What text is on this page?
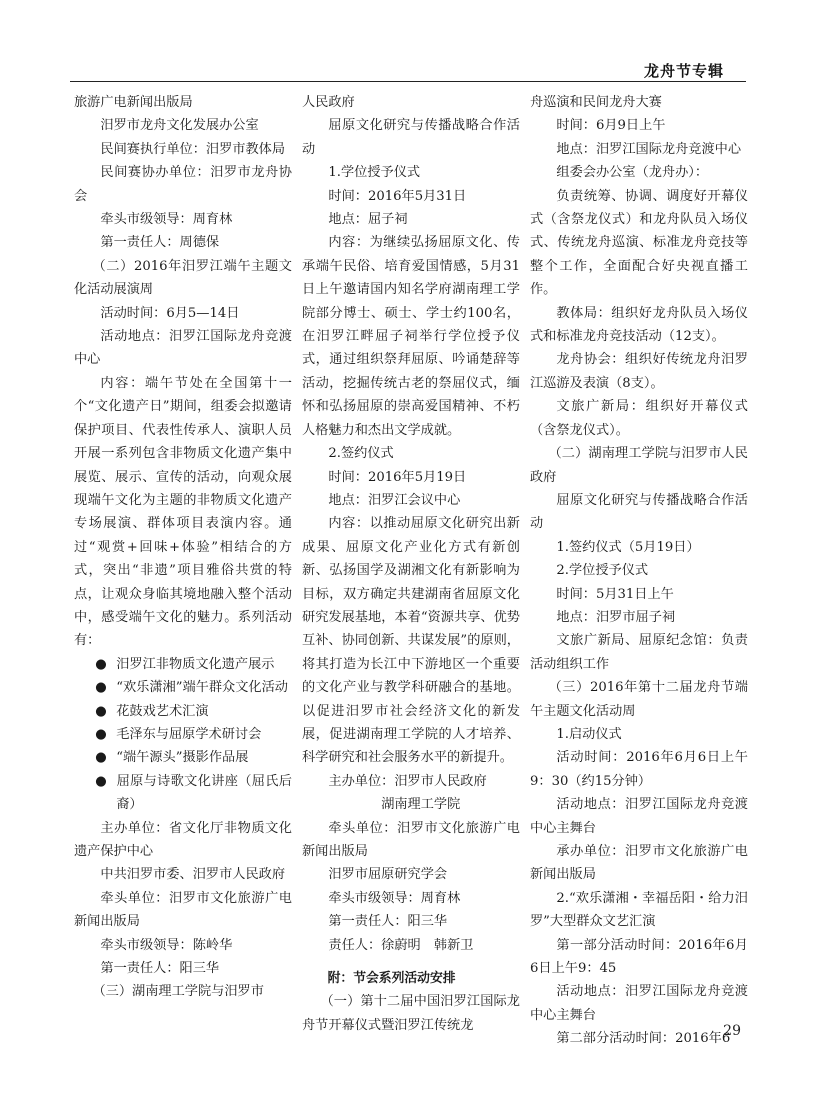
龙舟节专辑

旅游广电新闻出版局

汨罗市龙舟文化发展办公室

民间赛执行单位：汨罗市教体局

民间赛协办单位：汨罗市龙舟协会

牵头市级领导：周育林

第一责任人：周德保

（二）2016年汨罗江端午主题文化活动展演周

活动时间：6月5—14日

活动地点：汨罗江国际龙舟竞渡中心

内容：端午节处在全国第十一个“文化遗产日”期间，组委会拟邀请保护项目、代表性传承人、演职人员开展一系列包含非物质文化遗产集中展览、展示、宣传的活动，向观众展现端午文化为主题的非物质文化遗产专场展演、群体项目表演内容。通过“观赏+回味+体验”相结合的方式，突出“非遗”项目雅俗共赏的特点，让观众身临其境地融入整个活动中，感受端午文化的魅力。系列活动有：

● 汨罗江非物质文化遗产展示

● “欢乐潇湘”端午群众文化活动

● 花鼓戏艺术汇演

● 毛泽东与屈原学术研讨会

● “端午源头”摄影作品展

● 屈原与诗歌文化讲座（屈氏后裔）

主办单位：省文化厅非物质文化遗产保护中心

中共汨罗市委、汨罗市人民政府

牵头单位：汨罗市文化旅游广电新闻出版局

牵头市级领导：陈岭华

第一责任人：阳三华

（三）湖南理工学院与汨罗市

人民政府

屈原文化研究与传播战略合作活动

1.学位授予仪式

时间：2016年5月31日

地点：屈子祠

内容：为继续弘扬屈原文化、传承端午民俗、培育爱国情感，5月31日上午邀请国内知名学府湖南理工学院部分博士、硕士、学士约100名，在汨罗江畔屈子祠举行学位授予仪式，通过组织祭拜屈原、吟诵楚辞等活动，挖掘传统古老的祭屈仪式，缅怀和弘扬屈原的崇高爱国精神、不朽人格魅力和杰出文学成就。

2.签约仪式

时间：2016年5月19日

地点：汨罗江会议中心

内容：以推动屈原文化研究出新成果、屈原文化产业化方式有新创新、弘扬国学及湖湘文化有新影响为目标，双方确定共建湖南省屈原文化研究发展基地，本着“资源共享、优势互补、协同创新、共谋发展”的原则，将其打造为长江中下游地区一个重要的文化产业与教学科研融合的基地。以促进汨罗市社会经济文化的新发展，促进湖南理工学院的人才培养、科学研究和社会服务水平的新提升。

主办单位：汨罗市人民政府

湖南理工学院

牵头单位：汨罗市文化旅游广电新闻出版局

汨罗市屈原研究学会

牵头市级领导：周育林

第一责任人：阳三华

责任人：徐蔚明　韩新卫

附：节会系列活动安排

（一）第十二届中国汨罗江国际龙舟节开幕仪式暨汨罗江传统龙

舟巡演和民间龙舟大赛

时间：6月9日上午

地点：汨罗江国际龙舟竞渡中心

组委会办公室（龙舟办）：

负责统筹、协调、调度好开幕仪式（含祭龙仪式）和龙舟队员入场仪式、传统龙舟巡演、标准龙舟竞技等整个工作，全面配合好央视直播工作。

教体局：组织好龙舟队员入场仪式和标准龙舟竞技活动（12支）。

龙舟协会：组织好传统龙舟汨罗江巡游及表演（8支）。

文旅广新局：组织好开幕仪式（含祭龙仪式）。

（二）湖南理工学院与汨罗市人民政府

屈原文化研究与传播战略合作活动

1.签约仪式（5月19日）

2.学位授予仪式

时间：5月31日上午

地点：汨罗市屈子祠

文旅广新局、屈原纪念馆：负责活动组织工作

（三）2016年第十二届龙舟节端午主题文化活动周

1.启动仪式

活动时间：2016年6月6日上午9：30（约15分钟）

活动地点：汨罗江国际龙舟竞渡中心主舞台

承办单位：汨罗市文化旅游广电新闻出版局

2.“欢乐潇湘・幸福岳阳・给力汨罗”大型群众文艺汇演

第一部分活动时间：2016年6月6日上午9：45

活动地点：汨罗江国际龙舟竞渡中心主舞台

第二部分活动时间：2016年6

29
